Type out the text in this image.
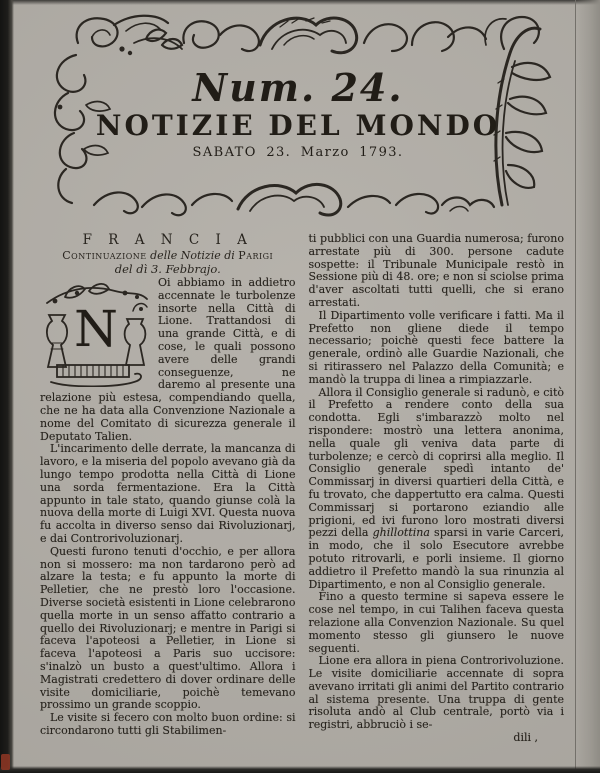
Num. 24.
NOTIZIE DEL MONDO
SABATO 23. Marzo 1793.
F R A N C I A
Continuazione delle Notizie di Parigi
del dì 3. Febbrajo.

N
Oi abbiamo in addietro accennate le turbolenze insorte nella Città di Lione. Trattandosi di una grande Città, e di cose, le quali possono avere delle grandi conseguenze, ne daremo al presente una relazione più estesa, compendiando quella, che ne ha data alla Convenzione Nazionale a nome del Comitato di sicurezza generale il Deputato Talien.

L'incarimento delle derrate, la mancanza di lavoro, e la miseria del popolo avevano già da lungo tempo prodotta nella Città di Lione una sorda fermentazione. Era la Città appunto in tale stato, quando giunse colà la nuova della morte di Luigi XVI. Questa nuova fu accolta in diverso senso dai Rivoluzionarj, e dai Controrivoluzionarj.

Questi furono tenuti d'occhio, e per allora non si mossero: ma non tardarono però ad alzare la testa; e fu appunto la morte di Pelletier, che ne prestò loro l'occasione. Diverse società esistenti in Lione celebrarono quella morte in un senso affatto contrario a quello dei Rivoluzionarj; e mentre in Parigi si faceva l'apoteosi a Pelletier, in Lione si faceva l'apoteosi a Paris suo uccisore: s'inalzò un busto a quest'ultimo. Allora i Magistrati credettero di dover ordinare delle visite domiciliarie, poichè temevano prossimo un grande scoppio.

Le visite si fecero con molto buon ordine: si circondarono tutti gli Stabilimen-

ti pubblici con una Guardia numerosa; furono arrestate più di 300. persone cadute sospette: il Tribunale Municipale restò in Sessione più di 48. ore; e non si sciolse prima d'aver ascoltati tutti quelli, che si erano arrestati.

Il Dipartimento volle verificare i fatti. Ma il Prefetto non gliene diede il tempo necessario; poichè questi fece battere la generale, ordinò alle Guardie Nazionali, che si ritirassero nel Palazzo della Comunità; e mandò la truppa di linea a rimpiazzarle.

Allora il Consiglio generale si radunò, e citò il Prefetto a rendere conto della sua condotta. Egli s'imbarazzò molto nel rispondere: mostrò una lettera anonima, nella quale gli veniva data parte di turbolenze; e cercò di coprirsi alla meglio. Il Consiglio generale spedì intanto de' Commissarj in diversi quartieri della Città, e fu trovato, che dappertutto era calma. Questi Commissarj si portarono eziandio alle prigioni, ed ivi furono loro mostrati diversi pezzi della ghillottina sparsi in varie Carceri, in modo, che il solo Esecutore avrebbe potuto ritrovarli, e porli insieme. Il giorno addietro il Prefetto mandò la sua rinunzia al Dipartimento, e non al Consiglio generale.

Fino a questo termine si sapeva essere le cose nel tempo, in cui Talihen faceva questa relazione alla Convenzion Nazionale. Su quel momento stesso gli giunsero le nuove seguenti.

Lione era allora in piena Controrivoluzione. Le visite domiciliarie accennate di sopra avevano irritati gli animi del Partito contrario al sistema presente. Una truppa di gente risoluta andò al Club centrale, portò via i registri, abbruciò i se-

dili ,
